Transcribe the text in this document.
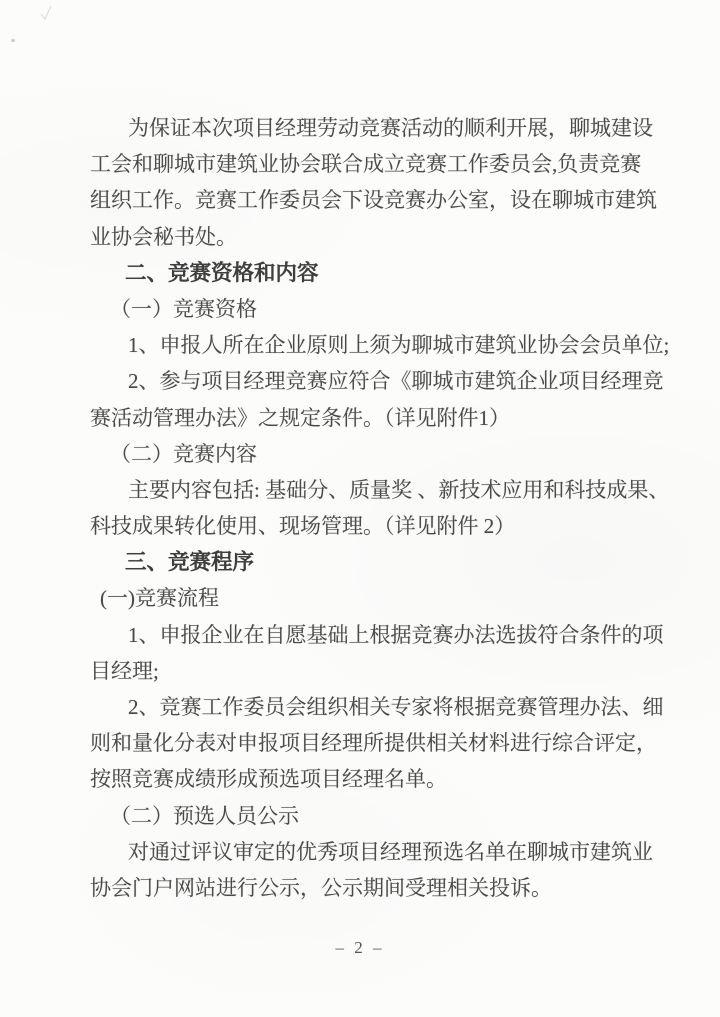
为保证本次项目经理劳动竞赛活动的顺利开展，聊城建设
工会和聊城市建筑业协会联合成立竞赛工作委员会,负责竞赛
组织工作。竞赛工作委员会下设竞赛办公室，设在聊城市建筑
业协会秘书处。
二、竞赛资格和内容
（一）竞赛资格
1、申报人所在企业原则上须为聊城市建筑业协会会员单位;
2、参与项目经理竞赛应符合《聊城市建筑企业项目经理竞
赛活动管理办法》之规定条件。（详见附件1）
（二）竞赛内容
主要内容包括: 基础分、质量奖 、新技术应用和科技成果、
科技成果转化使用、现场管理。（详见附件 2）
三、竞赛程序
(一)竞赛流程
1、申报企业在自愿基础上根据竞赛办法选拔符合条件的项
目经理;
2、竞赛工作委员会组织相关专家将根据竞赛管理办法、细
则和量化分表对申报项目经理所提供相关材料进行综合评定，
按照竞赛成绩形成预选项目经理名单。
（二）预选人员公示
对通过评议审定的优秀项目经理预选名单在聊城市建筑业
协会门户网站进行公示，公示期间受理相关投诉。
– 2 –
